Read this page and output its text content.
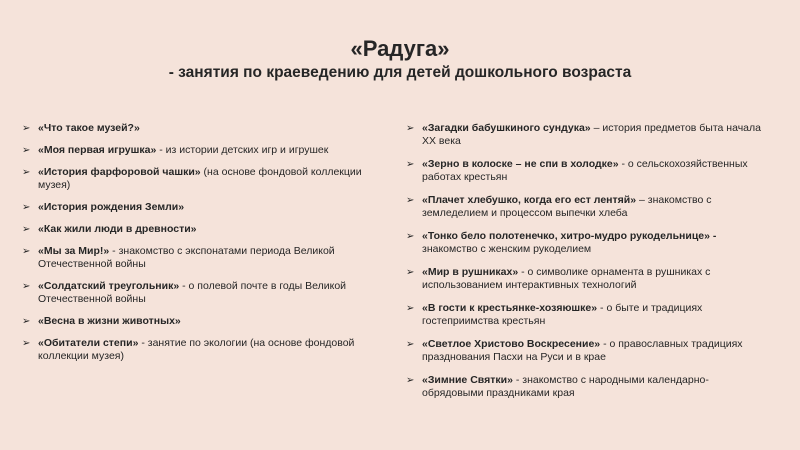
«Радуга»
- занятия по краеведению для детей дошкольного возраста
➢ «Что такое музей?»
➢ «Моя первая игрушка» - из истории детских игр и игрушек
➢ «История фарфоровой чашки» (на основе фондовой коллекции музея)
➢ «История рождения Земли»
➢ «Как жили люди в древности»
➢ «Мы за Мир!» - знакомство с экспонатами периода Великой Отечественной войны
➢ «Солдатский треугольник» - о полевой почте в годы Великой Отечественной войны
➢ «Весна в жизни животных»
➢ «Обитатели степи» - занятие по экологии (на основе фондовой коллекции музея)
➢ «Загадки бабушкиного сундука» – история предметов быта начала ХХ века
➢ «Зерно в колоске – не спи в холодке» - о сельскохозяйственных работах крестьян
➢ «Плачет хлебушко, когда его ест лентяй» – знакомство с земледелием и процессом выпечки хлеба
➢ «Тонко бело полотенечко, хитро-мудро рукодельнице» - знакомство с женским рукоделием
➢ «Мир в рушниках» - о символике орнамента в рушниках с использованием интерактивных технологий
➢ «В гости к крестьянке-хозяюшке» - о быте и традициях гостеприимства крестьян
➢ «Светлое Христово Воскресение» - о православных традициях празднования Пасхи на Руси и в крае
➢ «Зимние Святки» - знакомство с народными календарно-обрядовыми праздниками края
